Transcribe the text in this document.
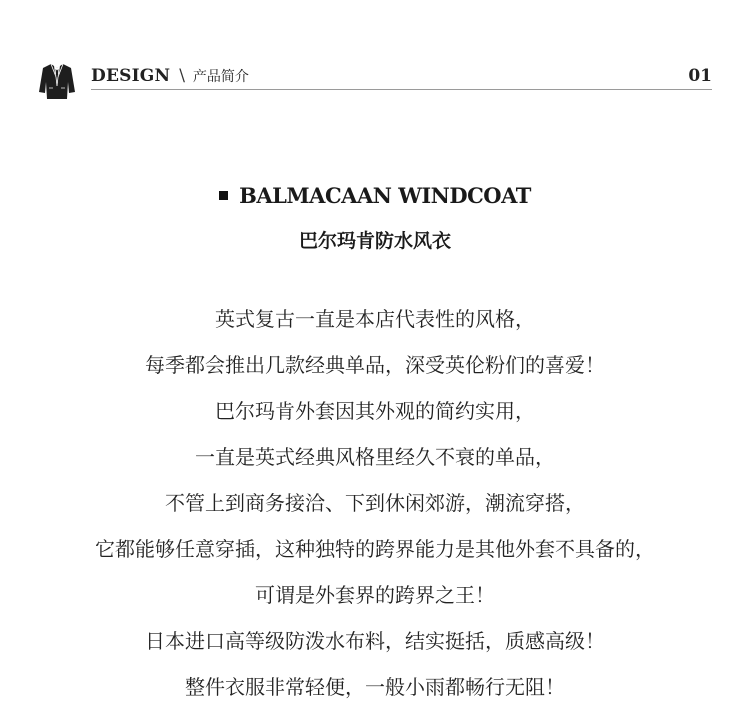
DESIGN \ 产品简介	01
BALMACAAN WINDCOAT
巴尔玛肯防水风衣
英式复古一直是本店代表性的风格，
每季都会推出几款经典单品，深受英伦粉们的喜爱！
巴尔玛肯外套因其外观的简约实用，
一直是英式经典风格里经久不衰的单品，
不管上到商务接洽、下到休闲郊游，潮流穿搭，
它都能够任意穿插，这种独特的跨界能力是其他外套不具备的，
可谓是外套界的跨界之王！
日本进口高等级防泼水布料，结实挺括，质感高级！
整件衣服非常轻便，一般小雨都畅行无阻！
